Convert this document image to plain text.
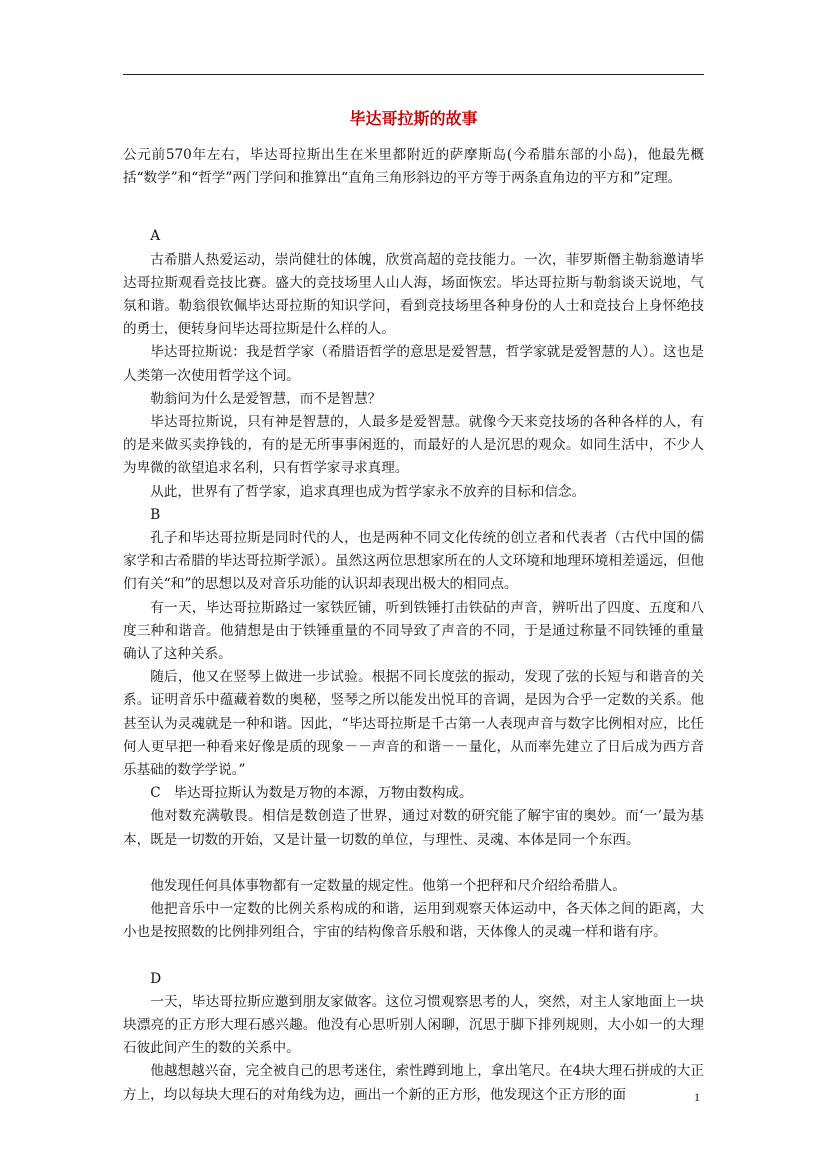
毕达哥拉斯的故事

公元前570年左右，毕达哥拉斯出生在米里都附近的萨摩斯岛(今希腊东部的小岛)，他最先概括“数学”和“哲学”两门学问和推算出“直角三角形斜边的平方等于两条直角边的平方和”定理。

A

古希腊人热爱运动，崇尚健壮的体魄，欣赏高超的竞技能力。一次，菲罗斯僭主勒翁邀请毕达哥拉斯观看竞技比赛。盛大的竞技场里人山人海，场面恢宏。毕达哥拉斯与勒翁谈天说地，气氛和谐。勒翁很钦佩毕达哥拉斯的知识学问，看到竞技场里各种身份的人士和竞技台上身怀绝技的勇士，便转身问毕达哥拉斯是什么样的人。

毕达哥拉斯说：我是哲学家（希腊语哲学的意思是爱智慧，哲学家就是爱智慧的人）。这也是人类第一次使用哲学这个词。

勒翁问为什么是爱智慧，而不是智慧？

毕达哥拉斯说，只有神是智慧的，人最多是爱智慧。就像今天来竞技场的各种各样的人，有的是来做买卖挣钱的，有的是无所事事闲逛的，而最好的人是沉思的观众。如同生活中，不少人为卑微的欲望追求名利，只有哲学家寻求真理。

从此，世界有了哲学家，追求真理也成为哲学家永不放弃的目标和信念。

B

孔子和毕达哥拉斯是同时代的人，也是两种不同文化传统的创立者和代表者（古代中国的儒家学和古希腊的毕达哥拉斯学派）。虽然这两位思想家所在的人文环境和地理环境相差遥远，但他们有关“和”的思想以及对音乐功能的认识却表现出极大的相同点。

有一天，毕达哥拉斯路过一家铁匠铺，听到铁锤打击铁砧的声音，辨听出了四度、五度和八度三种和谐音。他猜想是由于铁锤重量的不同导致了声音的不同，于是通过称量不同铁锤的重量确认了这种关系。

随后，他又在竖琴上做进一步试验。根据不同长度弦的振动，发现了弦的长短与和谐音的关系。证明音乐中蕴藏着数的奥秘，竖琴之所以能发出悦耳的音调，是因为合乎一定数的关系。他甚至认为灵魂就是一种和谐。因此，“毕达哥拉斯是千古第一人表现声音与数字比例相对应，比任何人更早把一种看来好像是质的现象－－声音的和谐－－量化，从而率先建立了日后成为西方音乐基础的数学学说。”

C 毕达哥拉斯认为数是万物的本源，万物由数构成。

他对数充满敬畏。相信是数创造了世界，通过对数的研究能了解宇宙的奥妙。而‘一’最为基本，既是一切数的开始，又是计量一切数的单位，与理性、灵魂、本体是同一个东西。

他发现任何具体事物都有一定数量的规定性。他第一个把秤和尺介绍给希腊人。

他把音乐中一定数的比例关系构成的和谐，运用到观察天体运动中，各天体之间的距离，大小也是按照数的比例排列组合，宇宙的结构像音乐般和谐，天体像人的灵魂一样和谐有序。

D

一天，毕达哥拉斯应邀到朋友家做客。这位习惯观察思考的人，突然，对主人家地面上一块块漂亮的正方形大理石感兴趣。他没有心思听别人闲聊，沉思于脚下排列规则，大小如一的大理石彼此间产生的数的关系中。

他越想越兴奋，完全被自己的思考迷住，索性蹲到地上，拿出笔尺。在4块大理石拼成的大正方上，均以每块大理石的对角线为边，画出一个新的正方形，他发现这个正方形的面	1
